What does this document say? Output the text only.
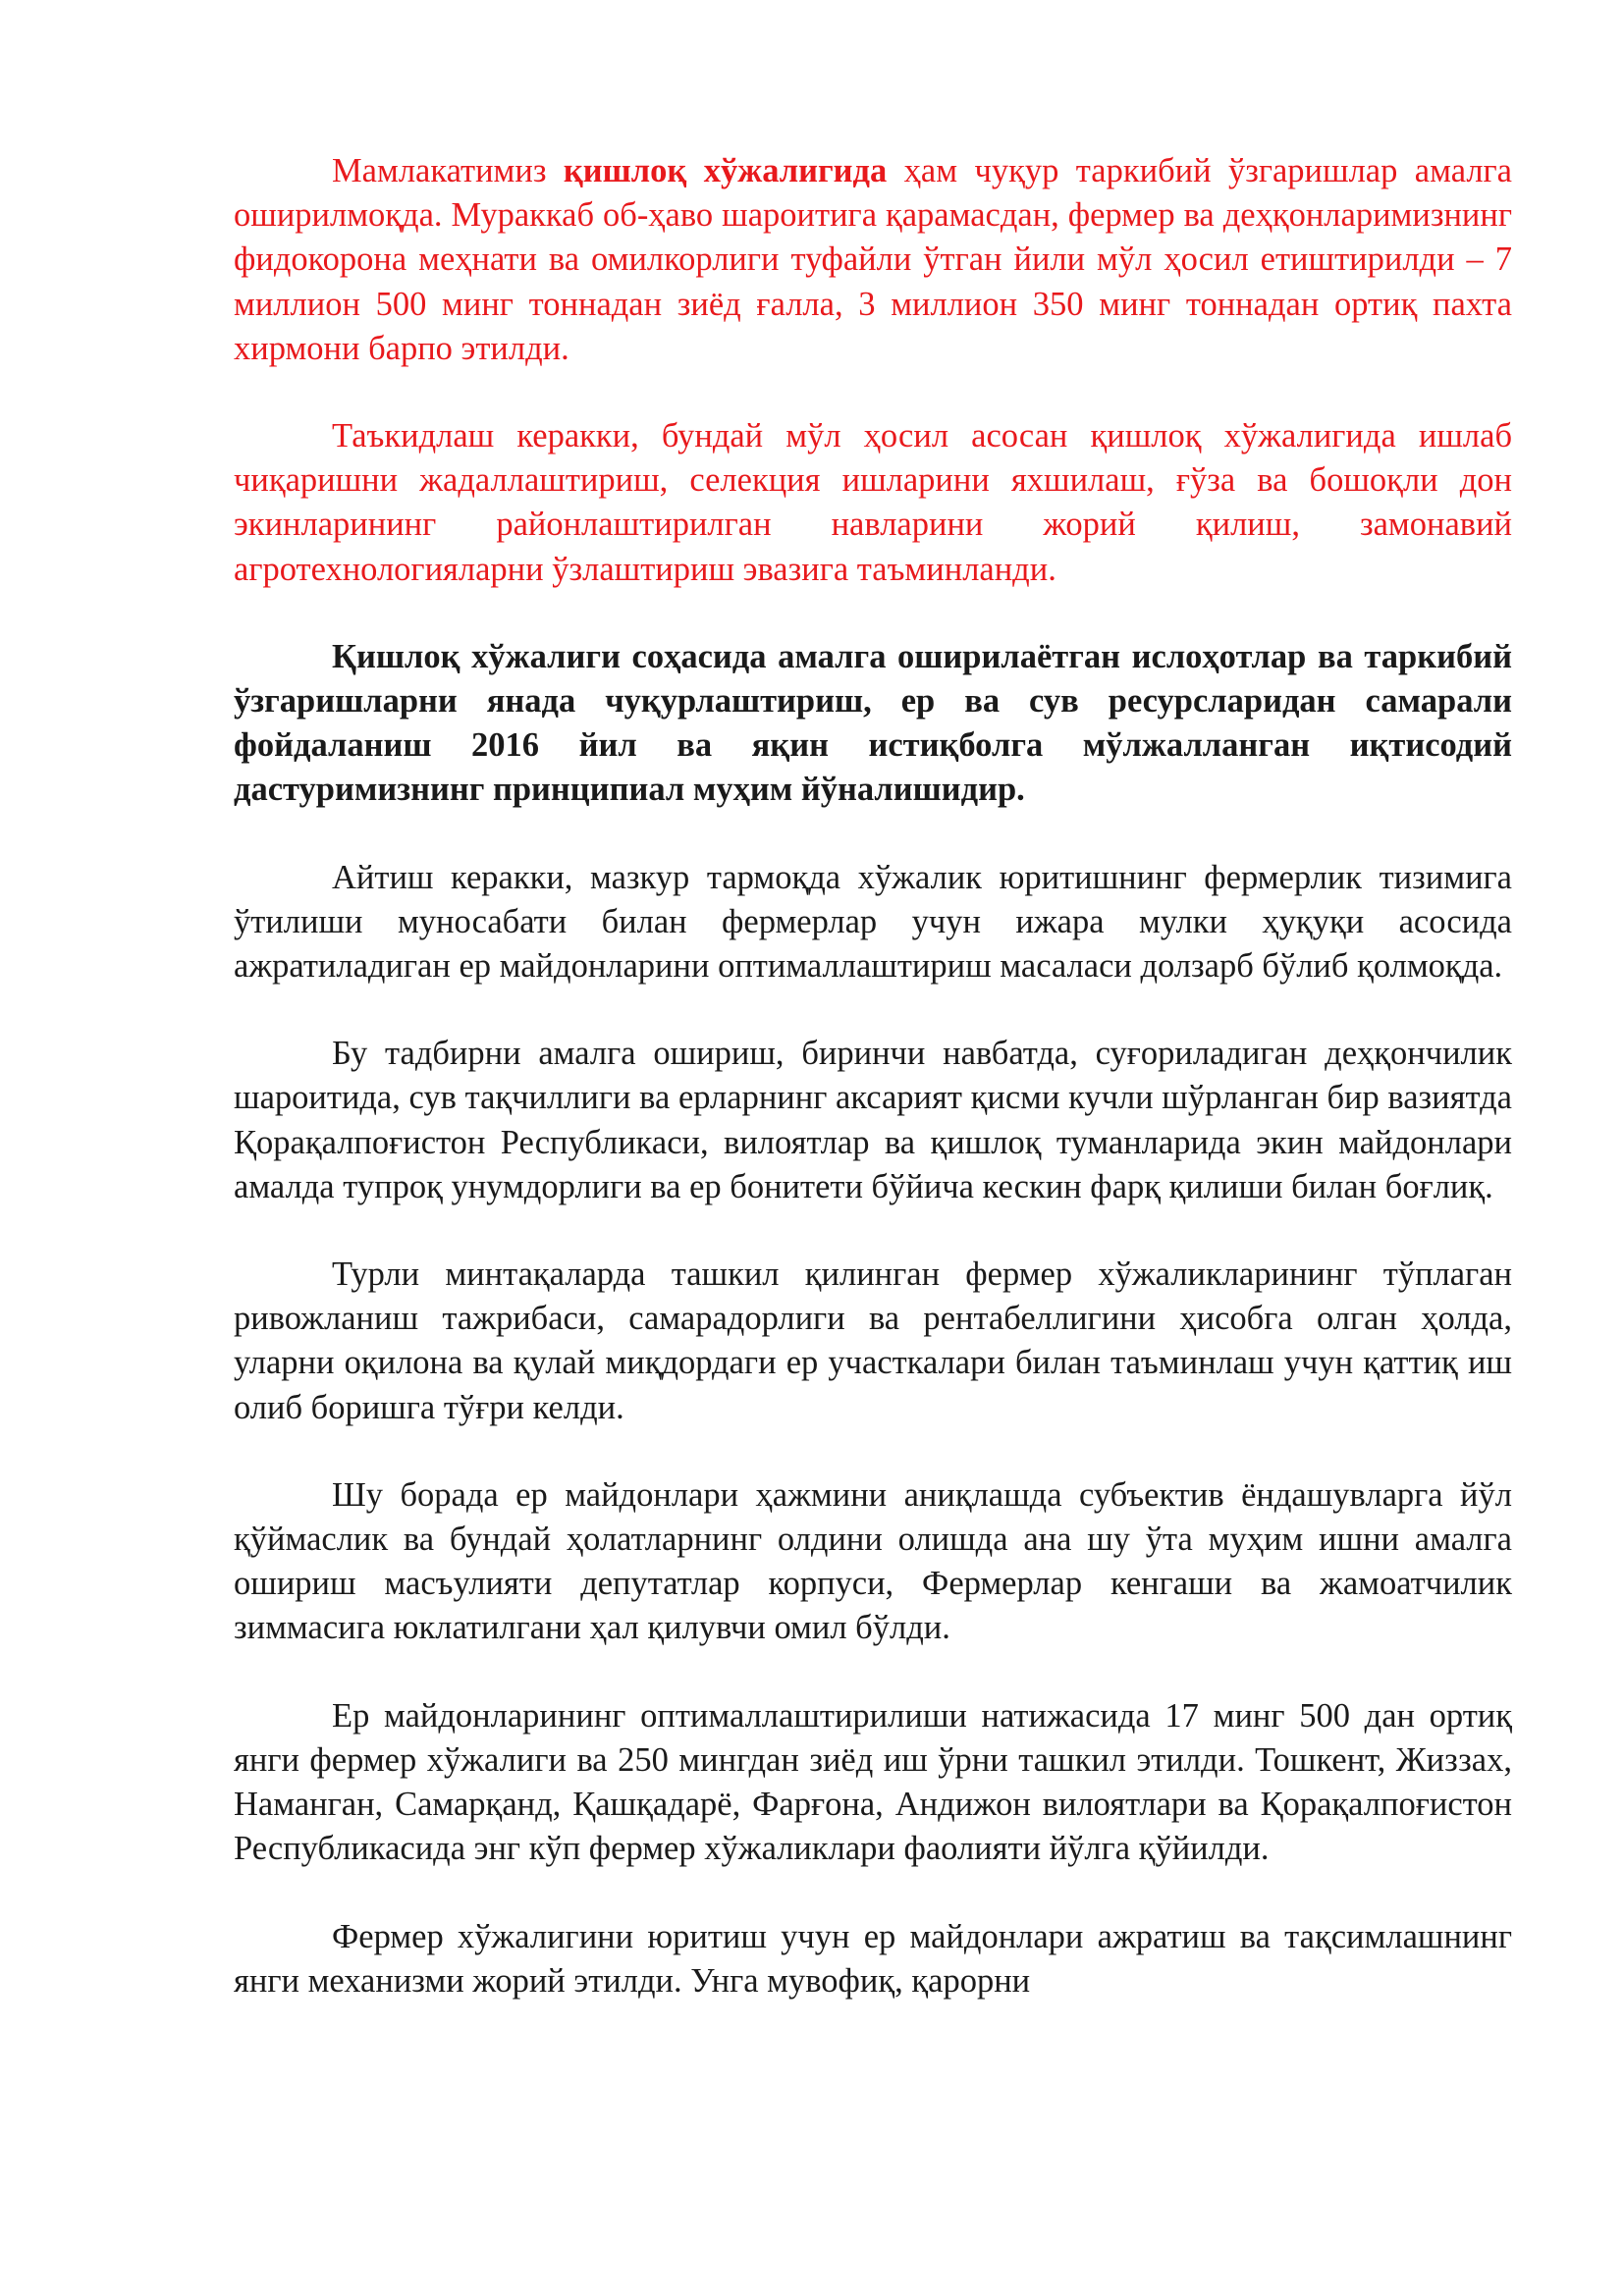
Мамлакатимиз қишлоқ хўжалигида ҳам чуқур таркибий ўзгаришлар амалга оширилмоқда. Мураккаб об-ҳаво шароитига қарамасдан, фермер ва деҳқонларимизнинг фидокорона меҳнати ва омилкорлиги туфайли ўтган йили мўл ҳосил етиштирилди – 7 миллион 500 минг тоннадан зиёд ғалла, 3 миллион 350 минг тоннадан ортиқ пахта хирмони барпо этилди.

Таъкидлаш керакки, бундай мўл ҳосил асосан қишлоқ хўжалигида ишлаб чиқаришни жадаллаштириш, селекция ишларини яхшилаш, ғўза ва бошоқли дон экинларининг районлаштирилган навларини жорий қилиш, замонавий агротехнологияларни ўзлаштириш эвазига таъминланди.

Қишлоқ хўжалиги соҳасида амалга оширилаётган ислоҳотлар ва таркибий ўзгаришларни янада чуқурлаштириш, ер ва сув ресурсларидан самарали фойдаланиш 2016 йил ва яқин истиқболга мўлжалланган иқтисодий дастуримизнинг принципиал муҳим йўналишидир.

Айтиш керакки, мазкур тармоқда хўжалик юритишнинг фермерлик тизимига ўтилиши муносабати билан фермерлар учун ижара мулки ҳуқуқи асосида ажратиладиган ер майдонларини оптималлаштириш масаласи долзарб бўлиб қолмоқда.

Бу тадбирни амалга ошириш, биринчи навбатда, суғориладиган деҳқончилик шароитида, сув тақчиллиги ва ерларнинг аксарият қисми кучли шўрланган бир вазиятда Қорақалпоғистон Республикаси, вилоятлар ва қишлоқ туманларида экин майдонлари амалда тупроқ унумдорлиги ва ер бонитети бўйича кескин фарқ қилиши билан боғлиқ.

Турли минтақаларда ташкил қилинган фермер хўжаликларининг тўплаган ривожланиш тажрибаси, самарадорлиги ва рентабеллигини ҳисобга олган ҳолда, уларни оқилона ва қулай миқдордаги ер участкалари билан таъминлаш учун қаттиқ иш олиб боришга тўғри келди.

Шу борада ер майдонлари ҳажмини аниқлашда субъектив ёндашувларга йўл қўймаслик ва бундай ҳолатларнинг олдини олишда ана шу ўта муҳим ишни амалга ошириш масъулияти депутатлар корпуси, Фермерлар кенгаши ва жамоатчилик зиммасига юклатилгани ҳал қилувчи омил бўлди.

Ер майдонларининг оптималлаштирилиши натижасида 17 минг 500 дан ортиқ янги фермер хўжалиги ва 250 мингдан зиёд иш ўрни ташкил этилди. Тошкент, Жиззах, Наманган, Самарқанд, Қашқадарё, Фарғона, Андижон вилоятлари ва Қорақалпоғистон Республикасида энг кўп фермер хўжаликлари фаолияти йўлга қўйилди.

Фермер хўжалигини юритиш учун ер майдонлари ажратиш ва тақсимлашнинг янги механизми жорий этилди. Унга мувофиқ, қарорни
